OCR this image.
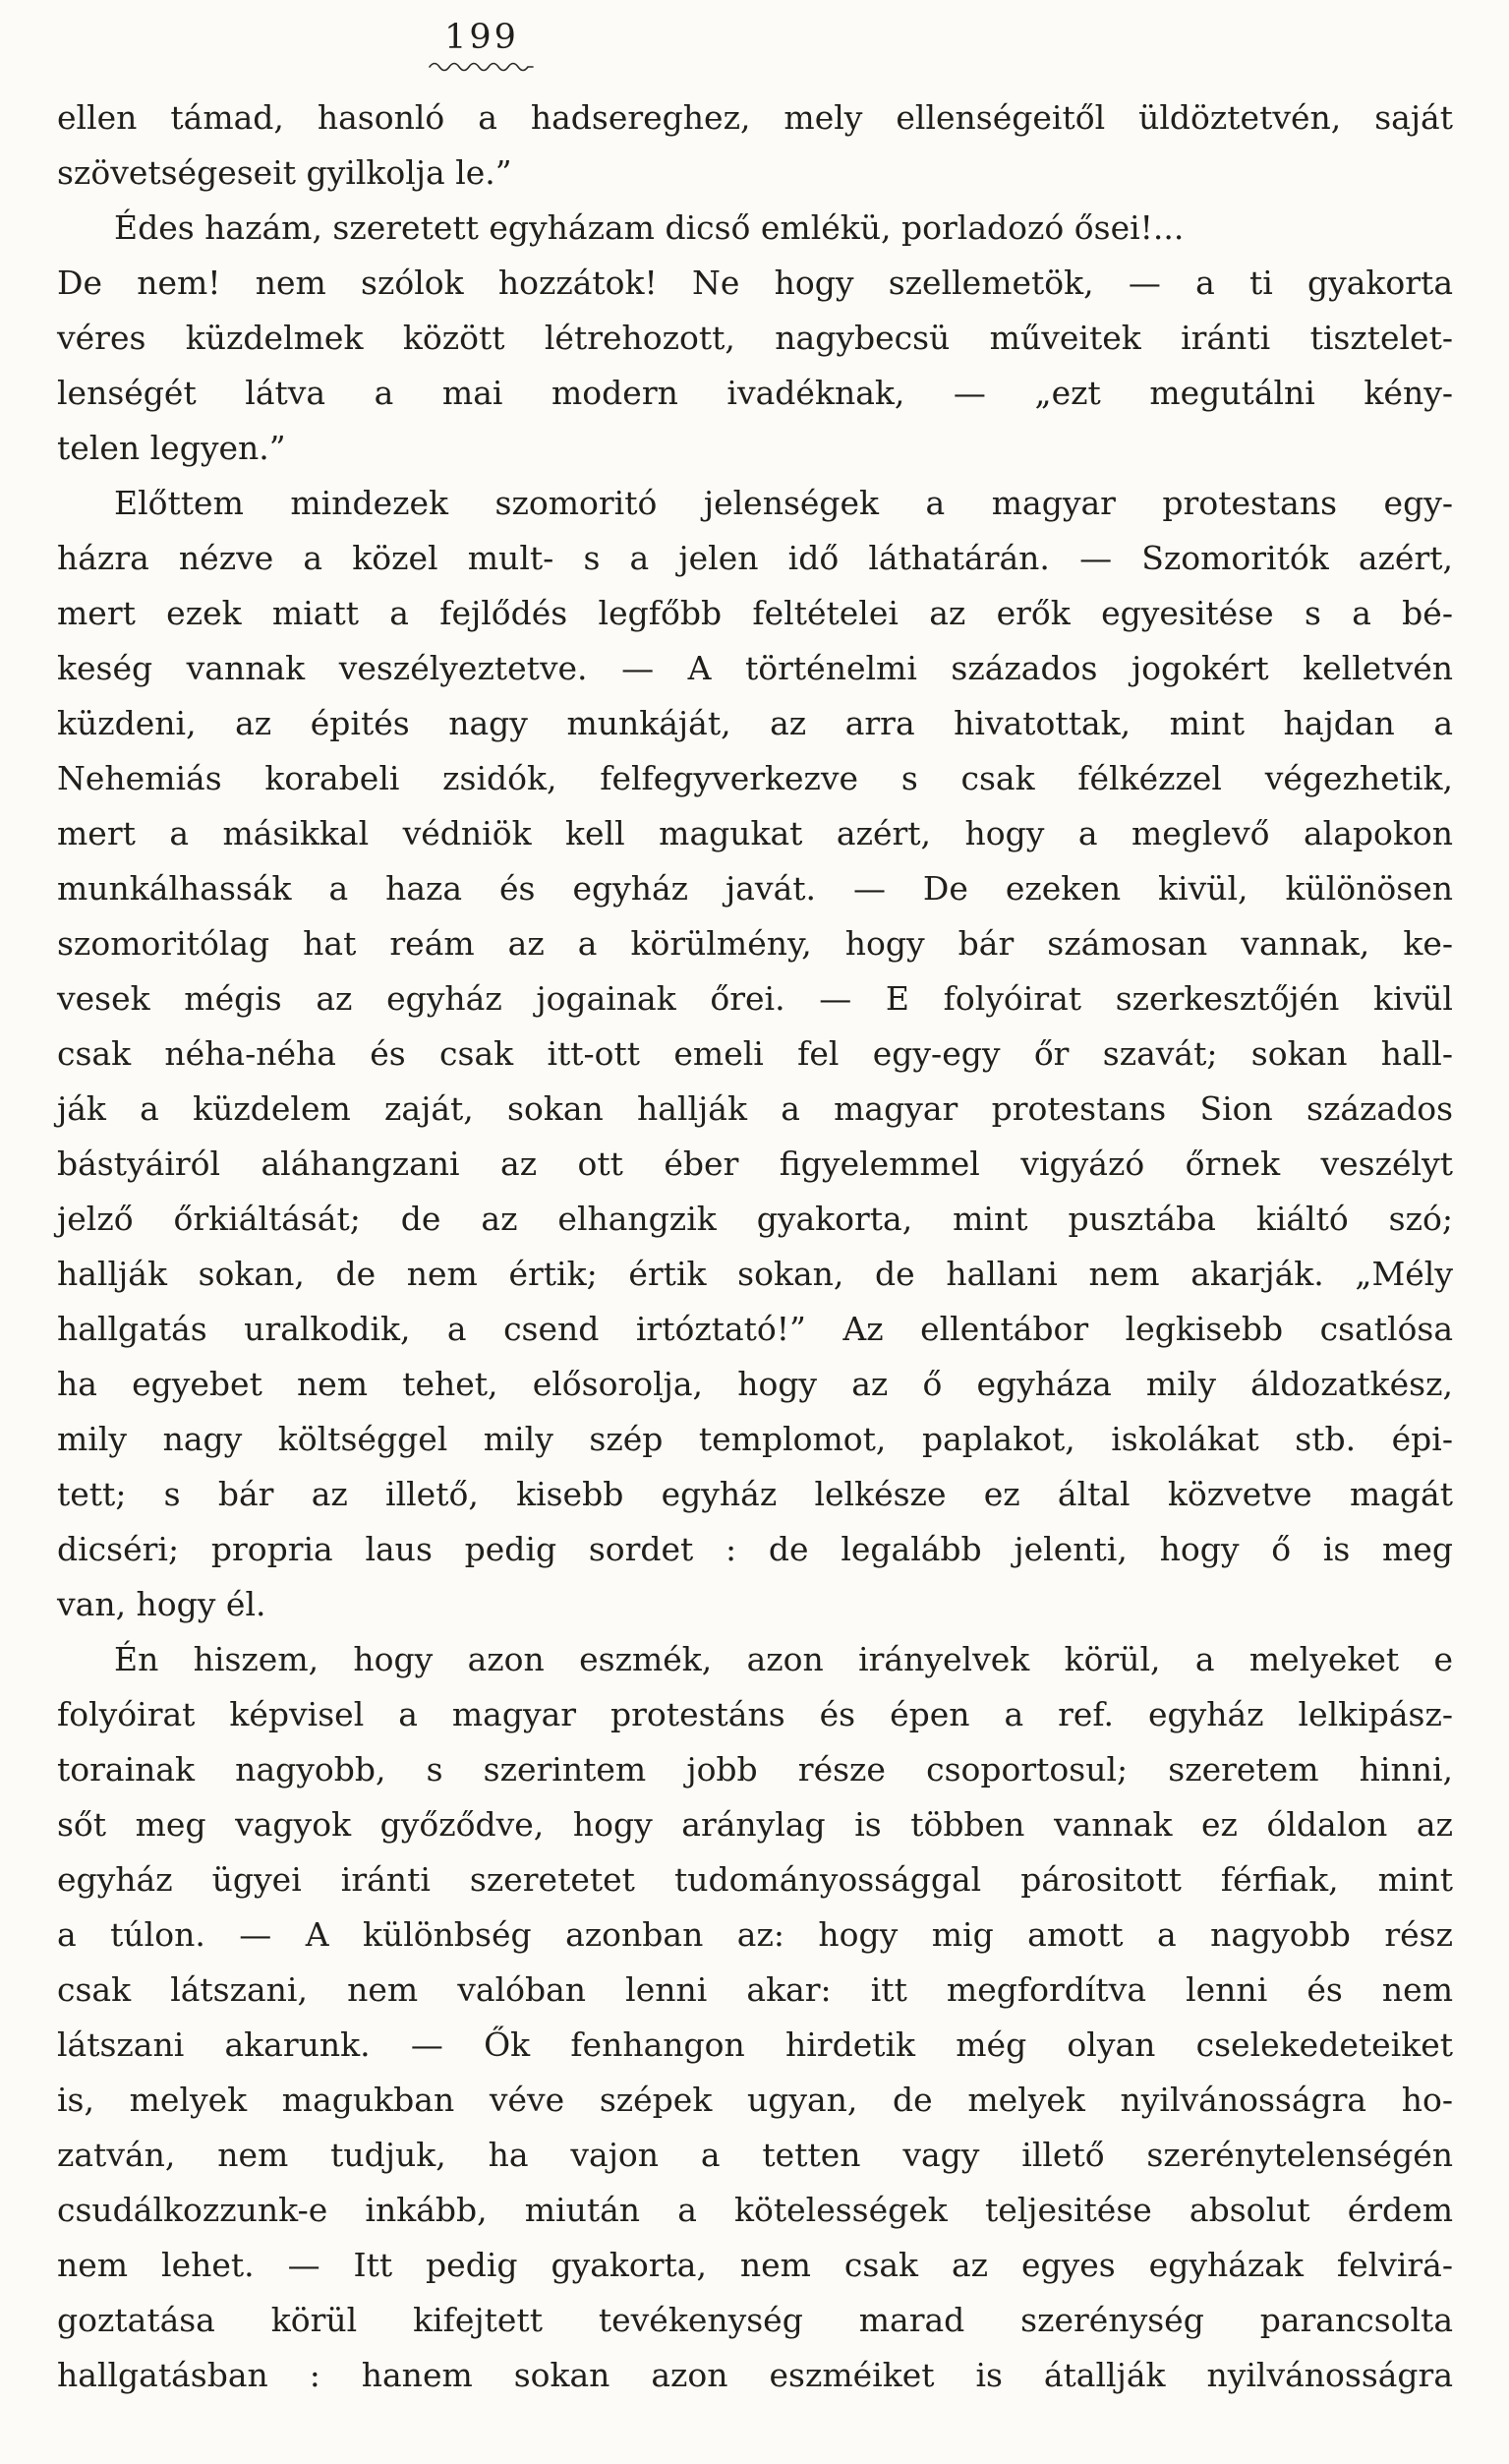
199
ellen támad, hasonló a hadsereghez, mely ellenségeitől üldöztetvén, saját
szövetségeseit gyilkolja le.”
Édes hazám, szeretett egyházam dicső emlékü, porladozó ősei!...
De nem! nem szólok hozzátok! Ne hogy szellemetök, — a ti gyakorta
véres küzdelmek között létrehozott, nagybecsü műveitek iránti tisztelet-
lenségét látva a mai modern ivadéknak, — „ezt megutálni kény-
telen legyen.”
Előttem mindezek szomoritó jelenségek a magyar protestans egy-
házra nézve a közel mult- s a jelen idő láthatárán. — Szomoritók azért,
mert ezek miatt a fejlődés legfőbb feltételei az erők egyesitése s a bé-
keség vannak veszélyeztetve. — A történelmi százados jogokért kelletvén
küzdeni, az épités nagy munkáját, az arra hivatottak, mint hajdan a
Nehemiás korabeli zsidók, felfegyverkezve s csak félkézzel végezhetik,
mert a másikkal védniök kell magukat azért, hogy a meglevő alapokon
munkálhassák a haza és egyház javát. — De ezeken kivül, különösen
szomoritólag hat reám az a körülmény, hogy bár számosan vannak, ke-
vesek mégis az egyház jogainak őrei. — E folyóirat szerkesztőjén kivül
csak néha-néha és csak itt-ott emeli fel egy-egy őr szavát; sokan hall-
ják a küzdelem zaját, sokan hallják a magyar protestans Sion százados
bástyáiról aláhangzani az ott éber figyelemmel vigyázó őrnek veszélyt
jelző őrkiáltását; de az elhangzik gyakorta, mint pusztába kiáltó szó;
hallják sokan, de nem értik; értik sokan, de hallani nem akarják. „Mély
hallgatás uralkodik, a csend irtóztató!” Az ellentábor legkisebb csatlósa
ha egyebet nem tehet, elősorolja, hogy az ő egyháza mily áldozatkész,
mily nagy költséggel mily szép templomot, paplakot, iskolákat stb. épi-
tett; s bár az illető, kisebb egyház lelkésze ez által közvetve magát
dicséri; propria laus pedig sordet : de legalább jelenti, hogy ő is meg
van, hogy él.
Én hiszem, hogy azon eszmék, azon irányelvek körül, a melyeket e
folyóirat képvisel a magyar protestáns és épen a ref. egyház lelkipász-
torainak nagyobb, s szerintem jobb része csoportosul; szeretem hinni,
sőt meg vagyok győződve, hogy aránylag is többen vannak ez óldalon az
egyház ügyei iránti szeretetet tudományossággal párositott férfiak, mint
a túlon. — A különbség azonban az: hogy mig amott a nagyobb rész
csak látszani, nem valóban lenni akar: itt megfordítva lenni és nem
látszani akarunk. — Ők fenhangon hirdetik még olyan cselekedeteiket
is, melyek magukban véve szépek ugyan, de melyek nyilvánosságra ho-
zatván, nem tudjuk, ha vajon a tetten vagy illető szerénytelenségén
csudálkozzunk-e inkább, miután a kötelességek teljesitése absolut érdem
nem lehet. — Itt pedig gyakorta, nem csak az egyes egyházak felvirá-
goztatása körül kifejtett tevékenység marad szerénység parancsolta
hallgatásban : hanem sokan azon eszméiket is átallják nyilvánosságra
